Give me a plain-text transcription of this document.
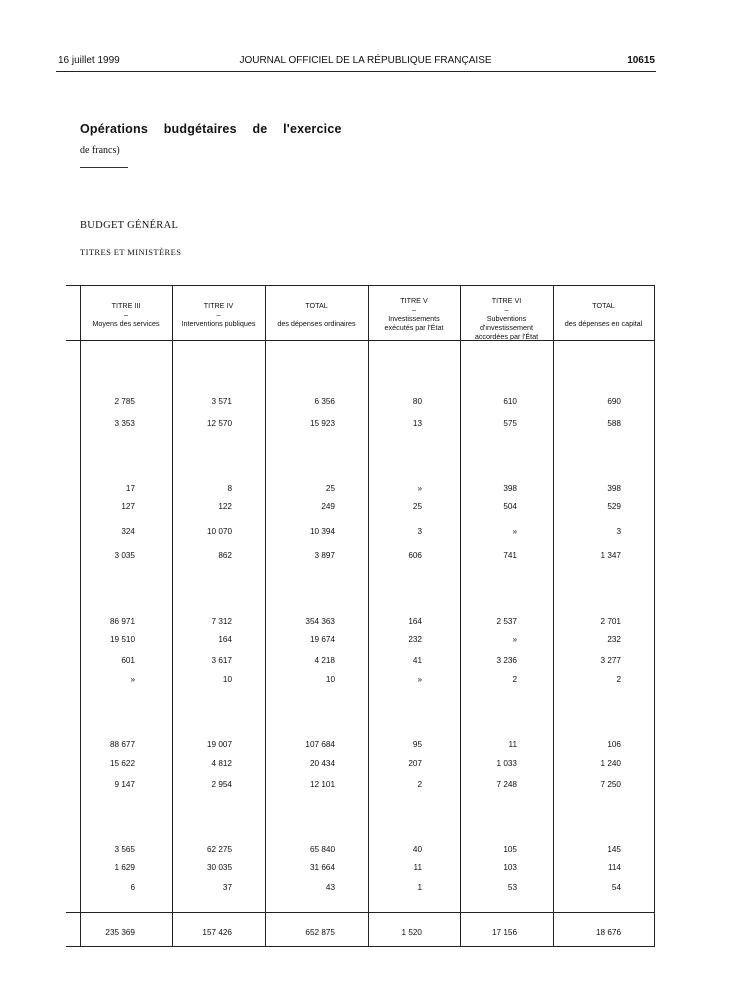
16 juillet 1999	JOURNAL OFFICIEL DE LA RÉPUBLIQUE FRANÇAISE	10615
Opérations budgétaires de l'exercice
de francs)
BUDGET GÉNÉRAL
TITRES ET MINISTÈRES
TITRE III
–
Moyens des services
TITRE IV
–
Interventions publiques
TOTAL
des dépenses ordinaires
TITRE V
–
Investissements
exécutés par l'État
TITRE VI
–
Subventions d'investissement
accordées par l'État
TOTAL
des dépenses en capital
2 785	3 571	6 356	80	610	690
3 353	12 570	15 923	13	575	588
17	8	25	»	398	398
127	122	249	25	504	529
324	10 070	10 394	3	»	3
3 035	862	3 897	606	741	1 347
86 971	7 312	354 363	164	2 537	2 701
19 510	164	19 674	232	»	232
601	3 617	4 218	41	3 236	3 277
»	10	10	»	2	2
88 677	19 007	107 684	95	11	106
15 622	4 812	20 434	207	1 033	1 240
9 147	2 954	12 101	2	7 248	7 250
3 565	62 275	65 840	40	105	145
1 629	30 035	31 664	11	103	114
6	37	43	1	53	54
235 369	157 426	652 875	1 520	17 156	18 676
